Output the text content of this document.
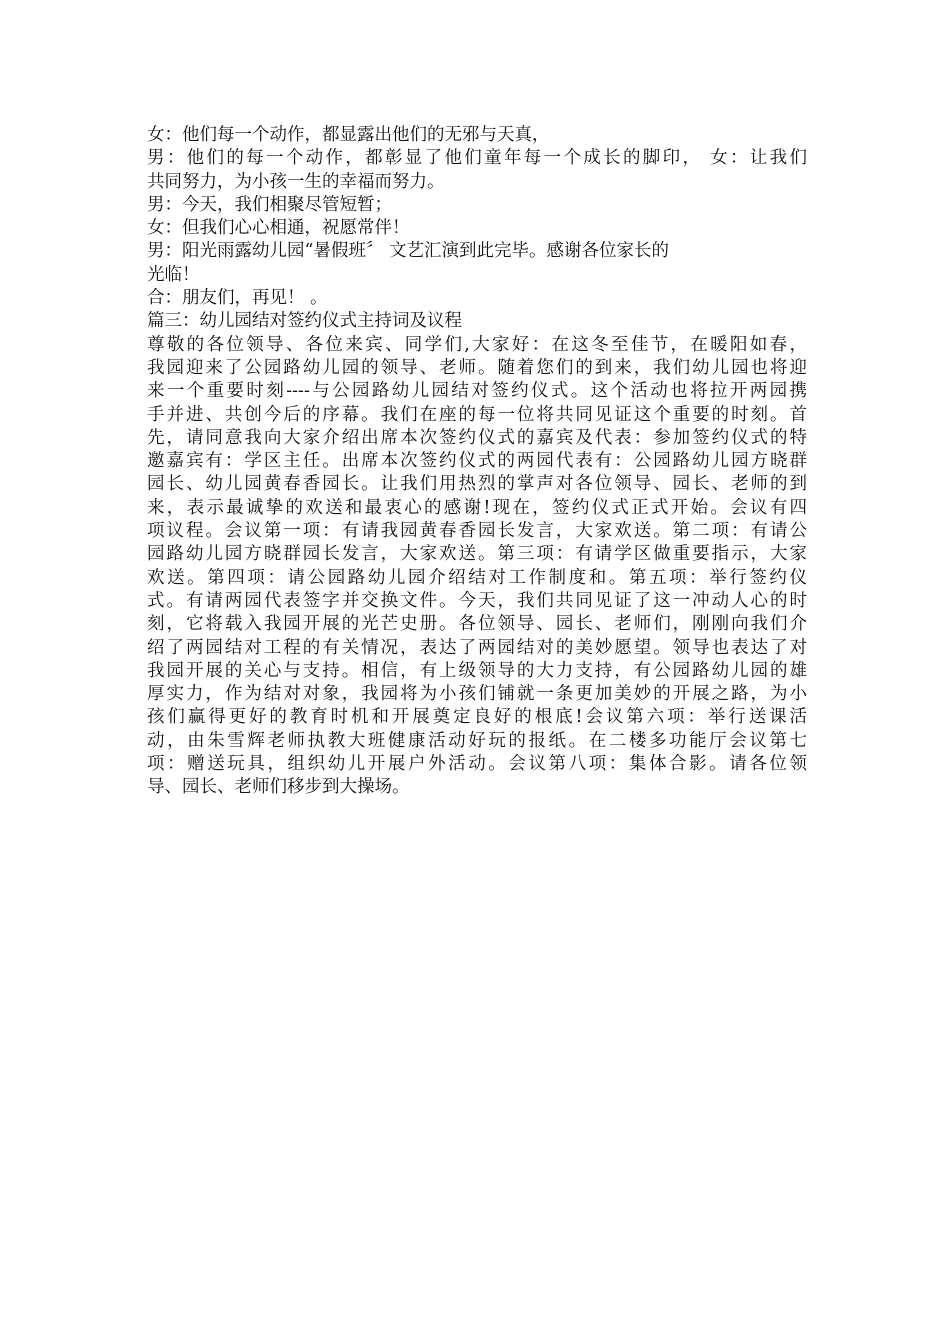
女：他们每一个动作，都显露出他们的无邪与天真，
男：他们的每一个动作，都彰显了他们童年每一个成长的脚印， 女：让我们
共同努力，为小孩一生的幸福而努力。
男：今天，我们相聚尽管短暂；
女：但我们心心相通，祝愿常伴！
男：阳光雨露幼儿园“暑假班〞 文艺汇演到此完毕。感谢各位家长的
光临！
合：朋友们，再见！ 。
篇三：幼儿园结对签约仪式主持词及议程
尊敬的各位领导、各位来宾、同学们,大家好：在这冬至佳节，在暖阳如春，
我园迎来了公园路幼儿园的领导、老师。随着您们的到来，我们幼儿园也将迎
来一个重要时刻----与公园路幼儿园结对签约仪式。这个活动也将拉开两园携
手并进、共创今后的序幕。我们在座的每一位将共同见证这个重要的时刻。首
先，请同意我向大家介绍出席本次签约仪式的嘉宾及代表：参加签约仪式的特
邀嘉宾有：学区主任。出席本次签约仪式的两园代表有：公园路幼儿园方晓群
园长、幼儿园黄春香园长。让我们用热烈的掌声对各位领导、园长、老师的到
来，表示最诚挚的欢送和最衷心的感谢!现在，签约仪式正式开始。会议有四
项议程。会议第一项：有请我园黄春香园长发言，大家欢送。第二项：有请公
园路幼儿园方晓群园长发言，大家欢送。第三项：有请学区做重要指示，大家
欢送。第四项：请公园路幼儿园介绍结对工作制度和。第五项：举行签约仪
式。有请两园代表签字并交换文件。今天，我们共同见证了这一冲动人心的时
刻，它将载入我园开展的光芒史册。各位领导、园长、老师们，刚刚向我们介
绍了两园结对工程的有关情况，表达了两园结对的美妙愿望。领导也表达了对
我园开展的关心与支持。相信，有上级领导的大力支持，有公园路幼儿园的雄
厚实力，作为结对对象，我园将为小孩们铺就一条更加美妙的开展之路，为小
孩们赢得更好的教育时机和开展奠定良好的根底!会议第六项：举行送课活
动，由朱雪辉老师执教大班健康活动好玩的报纸。在二楼多功能厅会议第七
项：赠送玩具，组织幼儿开展户外活动。会议第八项：集体合影。请各位领
导、园长、老师们移步到大操场。
